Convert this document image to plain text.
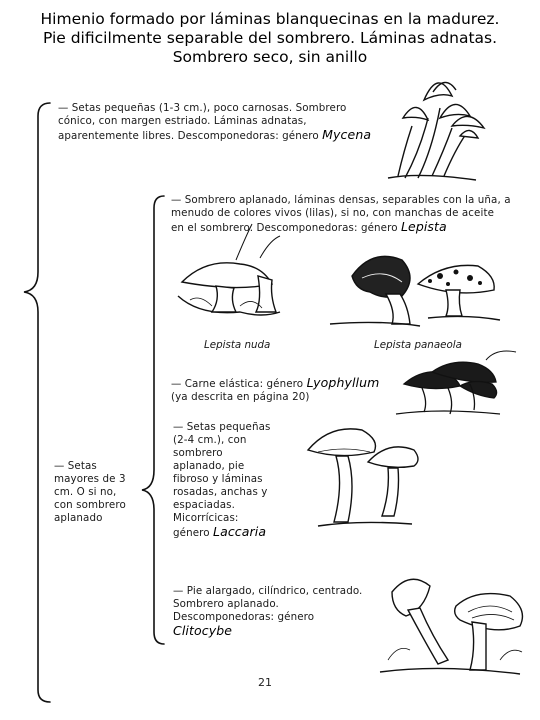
Himenio formado por láminas blanquecinas en la madurez.
Pie dificilmente separable del sombrero. Láminas adnatas.
Sombrero seco, sin anillo
— Setas pequeñas (1-3 cm.), poco carnosas. Sombrero
cónico, con margen estriado. Láminas adnatas,
aparentemente libres. Descomponedoras: género Mycena
— Sombrero aplanado, láminas densas, separables con la uña, a
menudo de colores vivos (lilas), si no, con manchas de aceite
en el sombrero. Descomponedoras: género Lepista
Lepista nuda	Lepista panaeola
— Carne elástica: género Lyophyllum
(ya descrita en página 20)
— Setas
mayores de 3
cm. O si no,
con sombrero
aplanado
— Setas pequeñas
(2-4 cm.), con
sombrero
aplanado, pie
fibroso y láminas
rosadas, anchas y
espaciadas.
Micorrícicas:
género Laccaria
— Pie alargado, cilíndrico, centrado.
Sombrero aplanado.
Descomponedoras: género
Clitocybe
21
